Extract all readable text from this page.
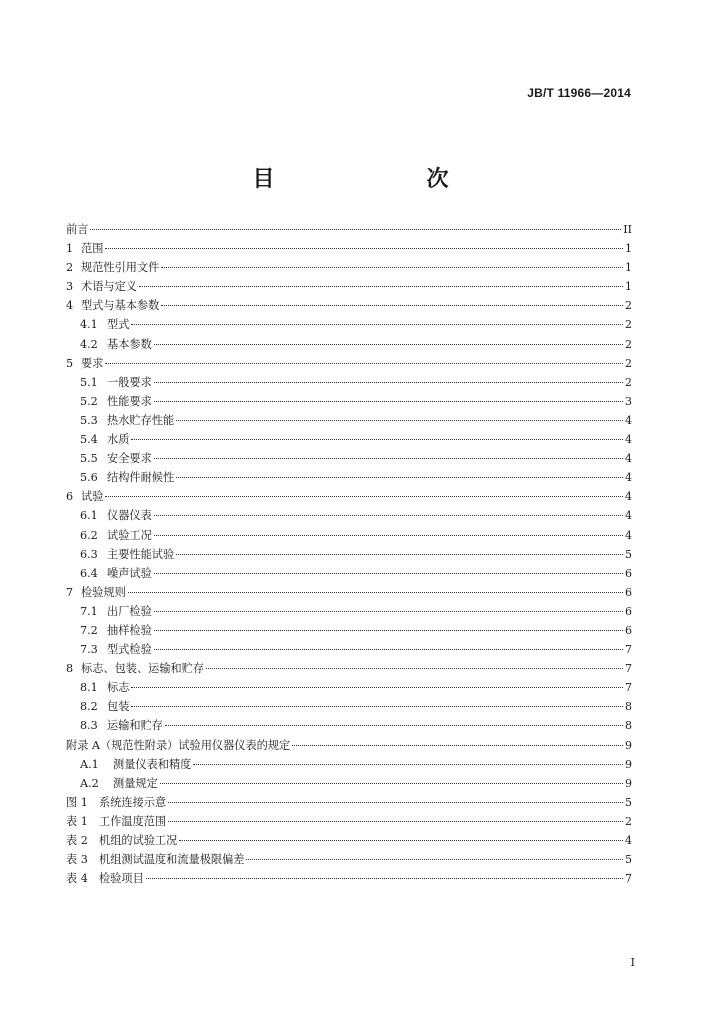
JB/T 11966—2014
目　　次
前言	II
1 范围	1
2 规范性引用文件	1
3 术语与定义	1
4 型式与基本参数	2
4.1 型式	2
4.2 基本参数	2
5 要求	2
5.1 一般要求	2
5.2 性能要求	3
5.3 热水贮存性能	4
5.4 水质	4
5.5 安全要求	4
5.6 结构件耐候性	4
6 试验	4
6.1 仪器仪表	4
6.2 试验工况	4
6.3 主要性能试验	5
6.4 噪声试验	6
7 检验规则	6
7.1 出厂检验	6
7.2 抽样检验	6
7.3 型式检验	7
8 标志、包装、运输和贮存	7
8.1 标志	7
8.2 包装	8
8.3 运输和贮存	8
附录 A（规范性附录）试验用仪器仪表的规定	9
A.1	测量仪表和精度	9
A.2	测量规定	9
图 1 系统连接示意	5
表 1 工作温度范围	2
表 2 机组的试验工况	4
表 3 机组测试温度和流量极限偏差	5
表 4 检验项目	7
I
